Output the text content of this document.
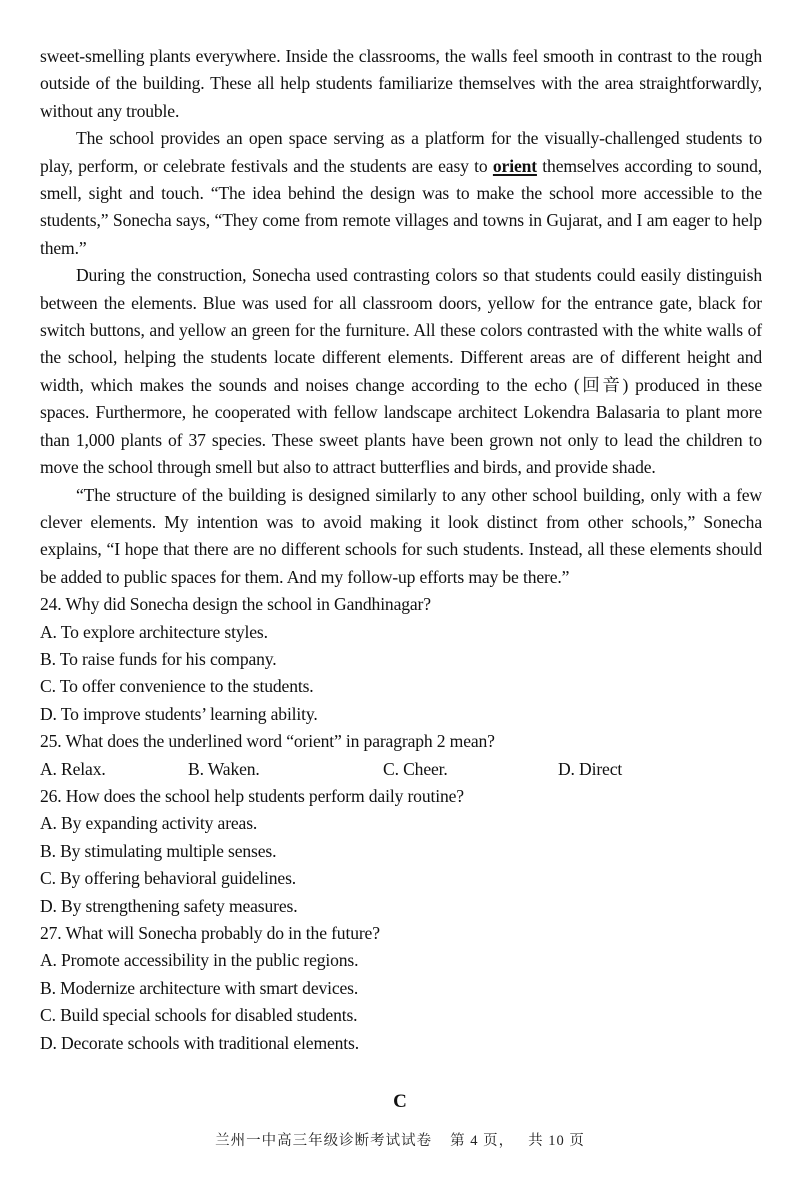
sweet-smelling plants everywhere. Inside the classrooms, the walls feel smooth in contrast to the rough outside of the building. These all help students familiarize themselves with the area straightforwardly, without any trouble.

The school provides an open space serving as a platform for the visually-challenged students to play, perform, or celebrate festivals and the students are easy to orient themselves according to sound, smell, sight and touch. “The idea behind the design was to make the school more accessible to the students,” Sonecha says, “They come from remote villages and towns in Gujarat, and I am eager to help them.”

During the construction, Sonecha used contrasting colors so that students could easily distinguish between the elements. Blue was used for all classroom doors, yellow for the entrance gate, black for switch buttons, and yellow an green for the furniture. All these colors contrasted with the white walls of the school, helping the students locate different elements. Different areas are of different height and width, which makes the sounds and noises change according to the echo (回音) produced in these spaces. Furthermore, he cooperated with fellow landscape architect Lokendra Balasaria to plant more than 1,000 plants of 37 species. These sweet plants have been grown not only to lead the children to move the school through smell but also to attract butterflies and birds, and provide shade.

“The structure of the building is designed similarly to any other school building, only with a few clever elements. My intention was to avoid making it look distinct from other schools,” Sonecha explains, “I hope that there are no different schools for such students. Instead, all these elements should be added to public spaces for them. And my follow-up efforts may be there.”

24. Why did Sonecha design the school in Gandhinagar?

A. To explore architecture styles.

B. To raise funds for his company.

C. To offer convenience to the students.

D. To improve students’ learning ability.

25. What does the underlined word “orient” in paragraph 2 mean?

A. Relax.	B. Waken.	C. Cheer.	D. Direct

26. How does the school help students perform daily routine?

A. By expanding activity areas.

B. By stimulating multiple senses.

C. By offering behavioral guidelines.

D. By strengthening safety measures.

27. What will Sonecha probably do in the future?

A. Promote accessibility in the public regions.

B. Modernize architecture with smart devices.

C. Build special schools for disabled students.

D. Decorate schools with traditional elements.

C
兰州一中高三年级诊断考试试卷 第 4 页， 共 10 页
